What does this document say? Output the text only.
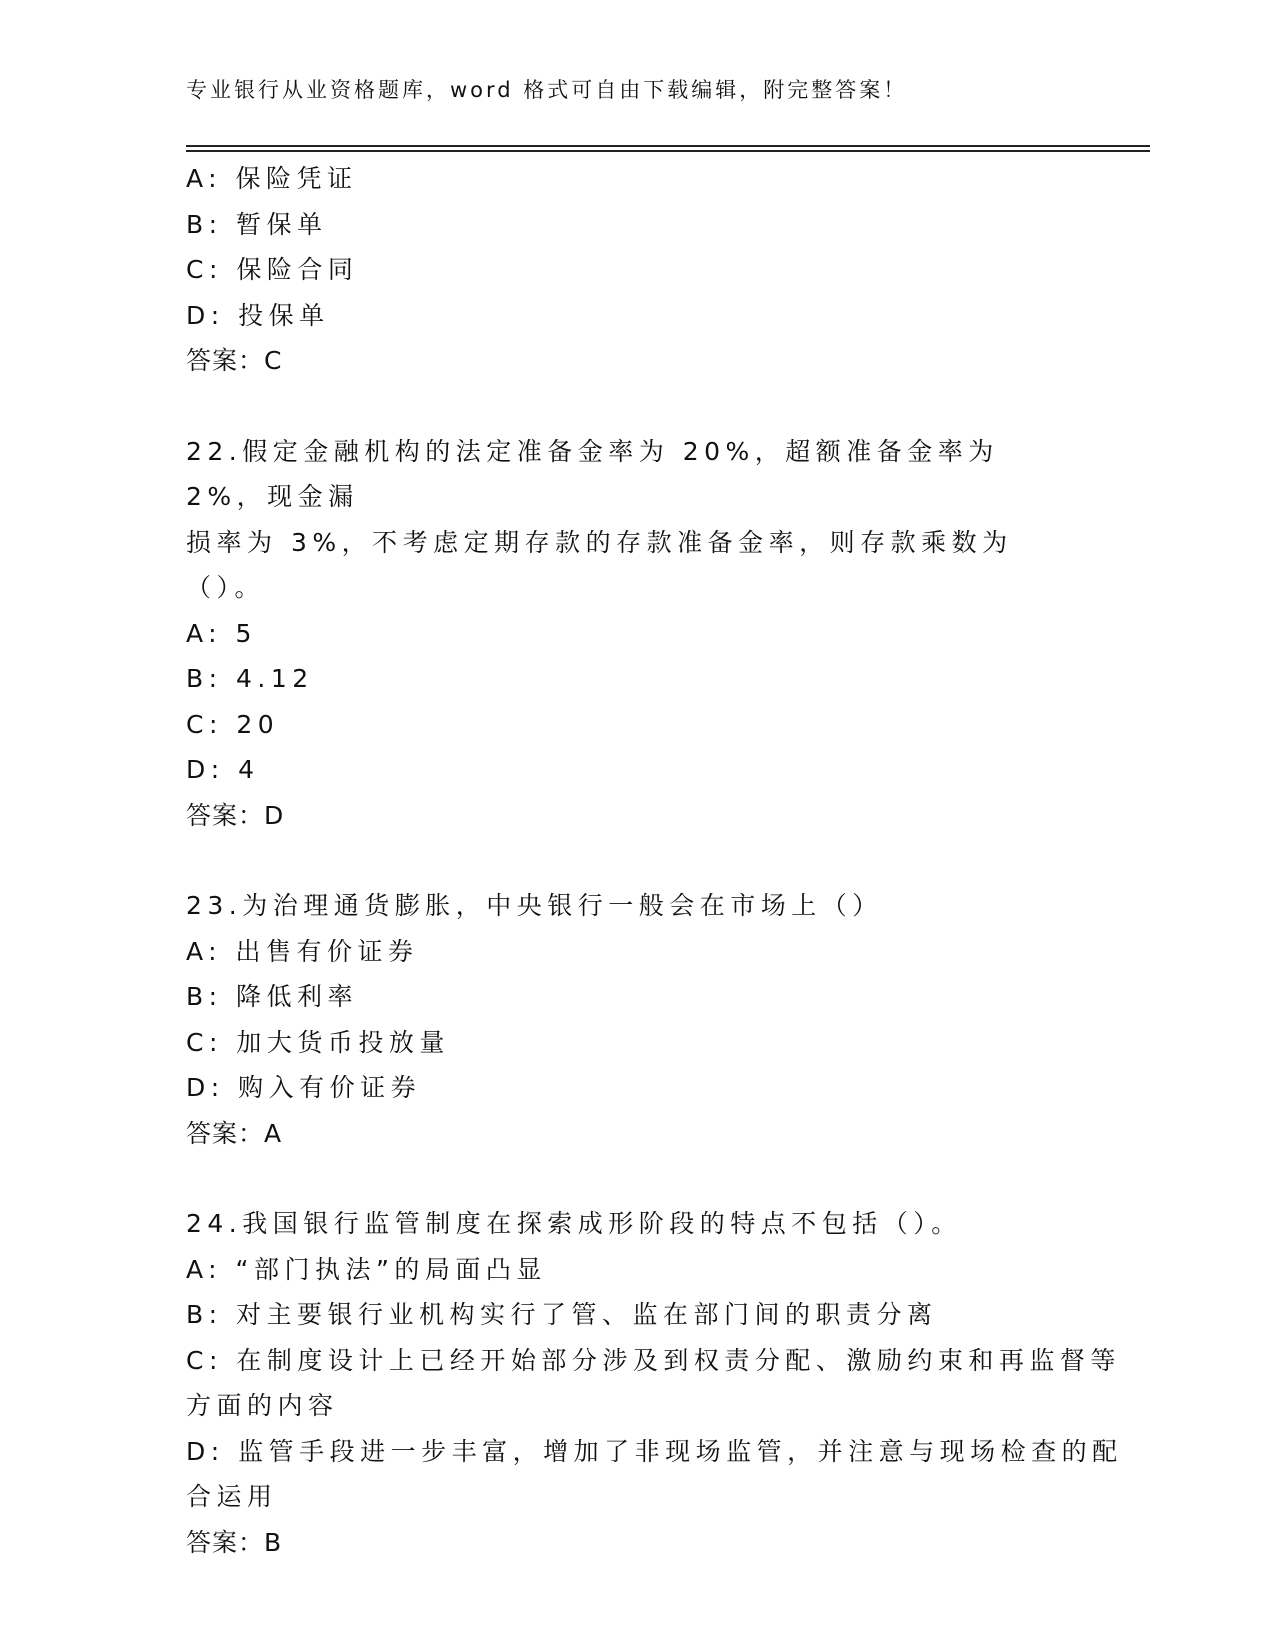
专业银行从业资格题库，word 格式可自由下载编辑，附完整答案！
A: 保险凭证
B: 暂保单
C: 保险合同
D: 投保单
答案：C
22.假定金融机构的法定准备金率为 20%，超额准备金率为 2%，现金漏
损率为 3%，不考虑定期存款的存款准备金率，则存款乘数为（）。
A: 5
B: 4.12
C: 20
D: 4
答案：D
23.为治理通货膨胀，中央银行一般会在市场上（）
A: 出售有价证券
B: 降低利率
C: 加大货币投放量
D: 购入有价证券
答案：A
24.我国银行监管制度在探索成形阶段的特点不包括（）。
A: “部门执法”的局面凸显
B: 对主要银行业机构实行了管、监在部门间的职责分离
C: 在制度设计上已经开始部分涉及到权责分配、激励约束和再监督等
方面的内容
D: 监管手段进一步丰富，增加了非现场监管，并注意与现场检查的配
合运用
答案：B
